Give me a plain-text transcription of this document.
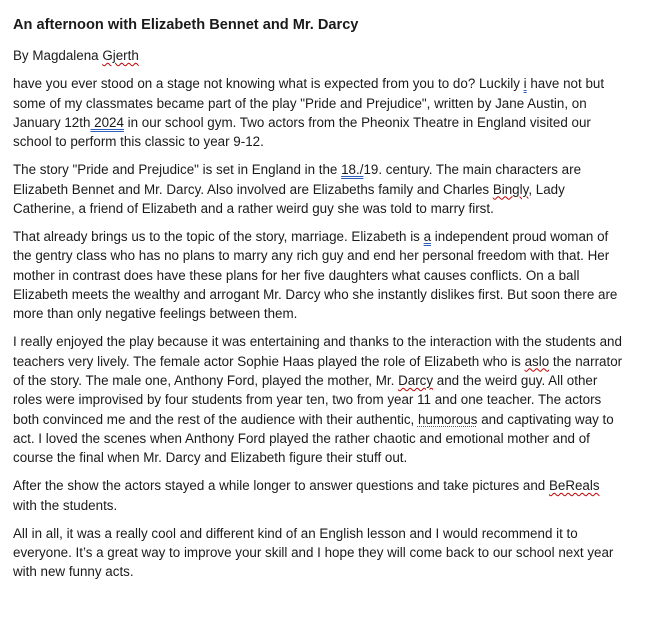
An afternoon with Elizabeth Bennet and Mr. Darcy
By Magdalena Gjerth

have you ever stood on a stage not knowing what is expected from you to do? Luckily i have not but some of my classmates became part of the play "Pride and Prejudice", written by Jane Austin, on January 12th 2024 in our school gym. Two actors from the Pheonix Theatre in England visited our school to perform this classic to year 9-12.

The story "Pride and Prejudice" is set in England in the 18./19. century. The main characters are Elizabeth Bennet and Mr. Darcy. Also involved are Elizabeths family and Charles Bingly, Lady Catherine, a friend of Elizabeth and a rather weird guy she was told to marry first.

That already brings us to the topic of the story, marriage. Elizabeth is a independent proud woman of the gentry class who has no plans to marry any rich guy and end her personal freedom with that. Her mother in contrast does have these plans for her five daughters what causes conflicts. On a ball Elizabeth meets the wealthy and arrogant Mr. Darcy who she instantly dislikes first. But soon there are more than only negative feelings between them.

I really enjoyed the play because it was entertaining and thanks to the interaction with the students and teachers very lively. The female actor Sophie Haas played the role of Elizabeth who is aslo the narrator of the story. The male one, Anthony Ford, played the mother, Mr. Darcy and the weird guy. All other roles were improvised by four students from year ten, two from year 11 and one teacher. The actors both convinced me and the rest of the audience with their authentic, humorous and captivating way to act. I loved the scenes when Anthony Ford played the rather chaotic and emotional mother and of course the final when Mr. Darcy and Elizabeth figure their stuff out.

After the show the actors stayed a while longer to answer questions and take pictures and BeReals with the students.

All in all, it was a really cool and different kind of an English lesson and I would recommend it to everyone. It’s a great way to improve your skill and I hope they will come back to our school next year with new funny acts.
